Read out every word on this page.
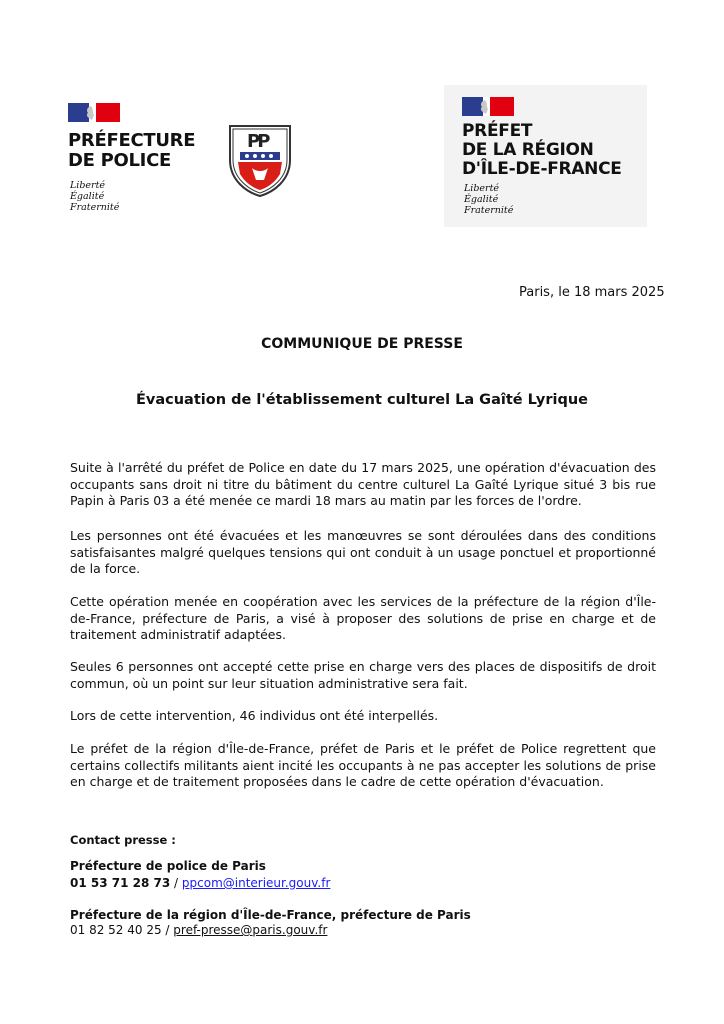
PRÉFECTURE
DE POLICE
Liberté
Égalité
Fraternité
PP	PRÉFET
DE LA RÉGION
D'ÎLE-DE-FRANCE
Liberté
Égalité
Fraternité
Paris, le 18 mars 2025
COMMUNIQUE DE PRESSE
Évacuation de l'établissement culturel La Gaîté Lyrique

Suite à l'arrêté du préfet de Police en date du 17 mars 2025, une opération d'évacuation des occupants sans droit ni titre du bâtiment du centre culturel La Gaîté Lyrique situé 3 bis rue Papin à Paris 03 a été menée ce mardi 18 mars au matin par les forces de l'ordre.

Les personnes ont été évacuées et les manœuvres se sont déroulées dans des conditions satisfaisantes malgré quelques tensions qui ont conduit à un usage ponctuel et proportionné de la force.

Cette opération menée en coopération avec les services de la préfecture de la région d'Île-de-France, préfecture de Paris, a visé à proposer des solutions de prise en charge et de traitement administratif adaptées.

Seules 6 personnes ont accepté cette prise en charge vers des places de dispositifs de droit commun, où un point sur leur situation administrative sera fait.

Lors de cette intervention, 46 individus ont été interpellés.

Le préfet de la région d'Île-de-France, préfet de Paris et le préfet de Police regrettent que certains collectifs militants aient incité les occupants à ne pas accepter les solutions de prise en charge et de traitement proposées dans le cadre de cette opération d'évacuation.

Contact presse :
Préfecture de police de Paris
01 53 71 28 73 / ppcom@interieur.gouv.fr
Préfecture de la région d'Île-de-France, préfecture de Paris
01 82 52 40 25 / pref-presse@paris.gouv.fr
